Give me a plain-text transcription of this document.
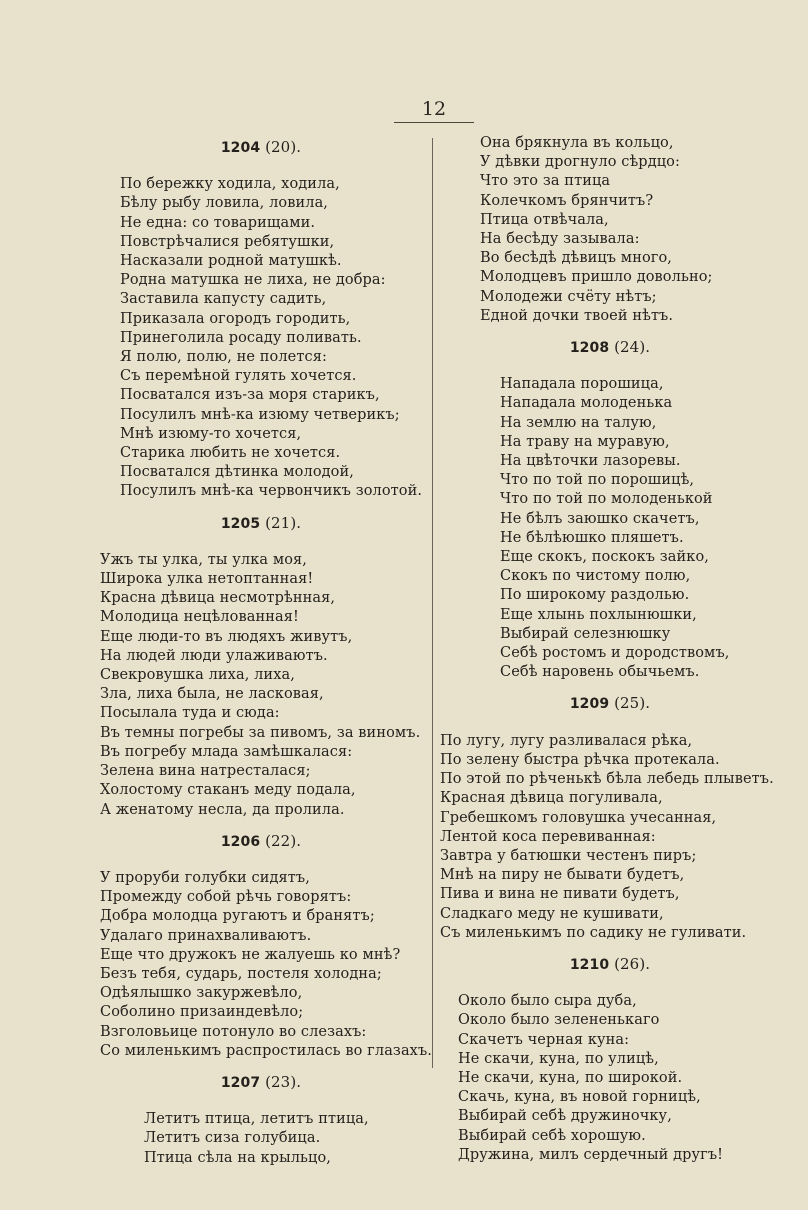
12
1204 (20).
По бережку ходила, ходила,
Бѣлу рыбу ловила, ловила,
Не една: со товарищами.
Повстрѣчалися ребятушки,
Насказали родной матушкѣ.
Родна матушка не лиха, не добра:
Заставила капусту садить,
Приказала огородъ городить,
Принеголила росаду поливать.
Я полю, полю, не полется:
Съ перемѣной гулять хочется.
Посватался изъ-за моря старикъ,
Посулилъ мнѣ-ка изюму четверикъ;
Мнѣ изюму-то хочется,
Старика любить не хочется.
Посватался дѣтинка молодой,
Посулилъ мнѣ-ка червончикъ золотой.
1205 (21).
Ужъ ты улка, ты улка моя,
Широка улка нетоптанная!
Красна дѣвица несмотрѣнная,
Молодица нецѣлованная!
Еще люди-то въ людяхъ живутъ,
На людей люди улаживаютъ.
Свекровушка лиха, лиха,
Зла, лиха была, не ласковая,
Посылала туда и сюда:
Въ темны погребы за пивомъ, за виномъ.
Въ погребу млада замѣшкалася:
Зелена вина натресталася;
Холостому стаканъ меду подала,
А женатому несла, да пролила.
1206 (22).
У проруби голубки сидятъ,
Промежду собой рѣчь говорятъ:
Добра молодца ругаютъ и бранятъ;
Удалаго принахваливаютъ.
Еще что дружокъ не жалуешь ко мнѣ?
Безъ тебя, сударь, постеля холодна;
Одѣялышко закуржевѣло,
Соболино призаиндевѣло;
Взголовьице потонуло во слезахъ:
Со миленькимъ распростилась во глазахъ.
1207 (23).
Летитъ птица, летитъ птица,
Летитъ сиза голубица.
Птица сѣла на крыльцо,
Она брякнула въ кольцо,
У дѣвки дрогнуло сѣрдцо:
Что это за птица
Колечкомъ брянчитъ?
Птица отвѣчала,
На бесѣду зазывала:
Во бесѣдѣ дѣвицъ много,
Молодцевъ пришло довольно;
Молодежи счёту нѣтъ;
Едной дочки твоей нѣтъ.
1208 (24).
Нападала порошица,
Нападала молоденька
На землю на талую,
На траву на муравую,
На цвѣточки лазоревы.
Что по той по порошицѣ,
Что по той по молоденькой
Не бѣлъ заюшко скачетъ,
Не бѣлѣюшко пляшетъ.
Еще скокъ, поскокъ зайко,
Скокъ по чистому полю,
По широкому раздолью.
Еще хлынь похлынюшки,
Выбирай селезнюшку
Себѣ ростомъ и дородствомъ,
Себѣ наровень обычьемъ.
1209 (25).
По лугу, лугу разливалася рѣка,
По зелену быстра рѣчка протекала.
По этой по рѣченькѣ бѣла лебедь плыветъ.
Красная дѣвица погуливала,
Гребешкомъ головушка учесанная,
Лентой коса перевиванная:
Завтра у батюшки честенъ пиръ;
Мнѣ на пиру не бывати будетъ,
Пива и вина не пивати будетъ,
Сладкаго меду не кушивати,
Съ миленькимъ по садику не гуливати.
1210 (26).
Около было сыра дуба,
Около было зелененькаго
Скачетъ черная куна:
Не скачи, куна, по улицѣ,
Не скачи, куна, по широкой.
Скачь, куна, въ новой горницѣ,
Выбирай себѣ дружиночку,
Выбирай себѣ хорошую.
Дружина, милъ сердечный другъ!
